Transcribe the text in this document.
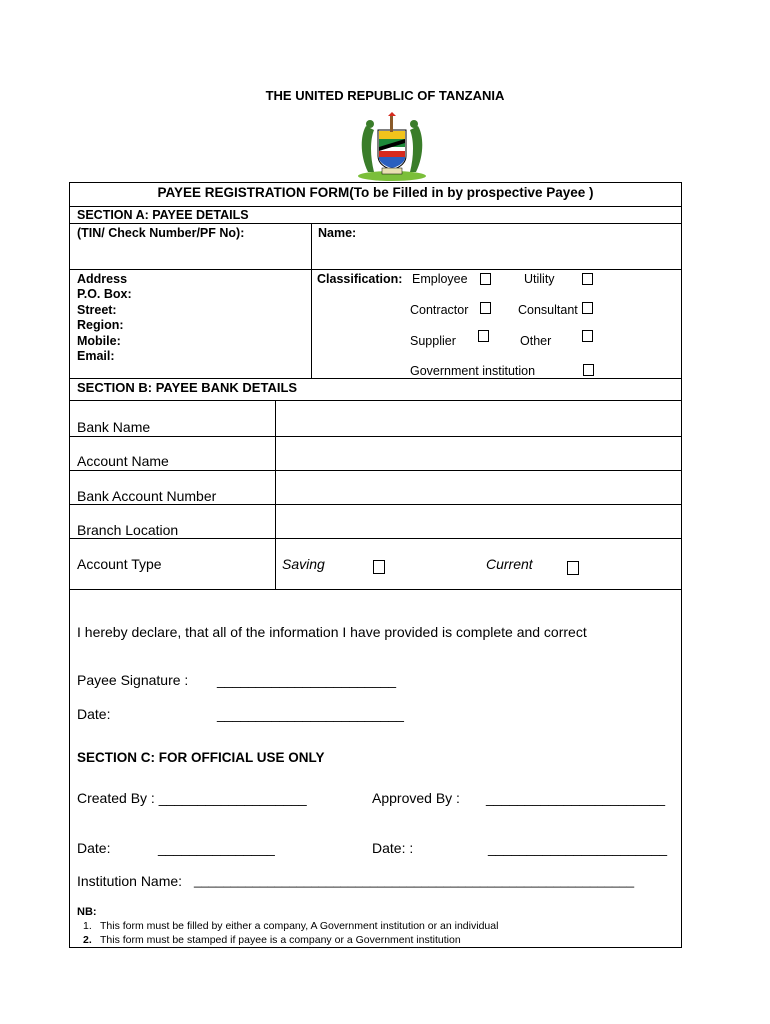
THE UNITED REPUBLIC OF TANZANIA
PAYEE REGISTRATION FORM(To be Filled in by prospective Payee )
SECTION A: PAYEE DETAILS
(TIN/ Check Number/PF No):	Name:
Address
P.O. Box:
Street:
Region:
Mobile:
Email:
Classification: Employee	Utility
Contractor	Consultant
Supplier	Other
Government institution
SECTION B: PAYEE BANK DETAILS
Bank Name
Account Name
Bank Account Number
Branch Location
Account Type	Saving	Current
I hereby declare, that all of the information I have provided is complete and correct
Payee Signature : _______________________
Date:	________________________
SECTION C: FOR OFFICIAL USE ONLY
Created By : ___________________	Approved By : _______________________
Date:	_______________	Date: :	_______________________
Institution Name: ____________________________________________________________
NB:
1. This form must be filled by either a company, A Government institution or an individual
2. This form must be stamped if payee is a company or a Government institution
